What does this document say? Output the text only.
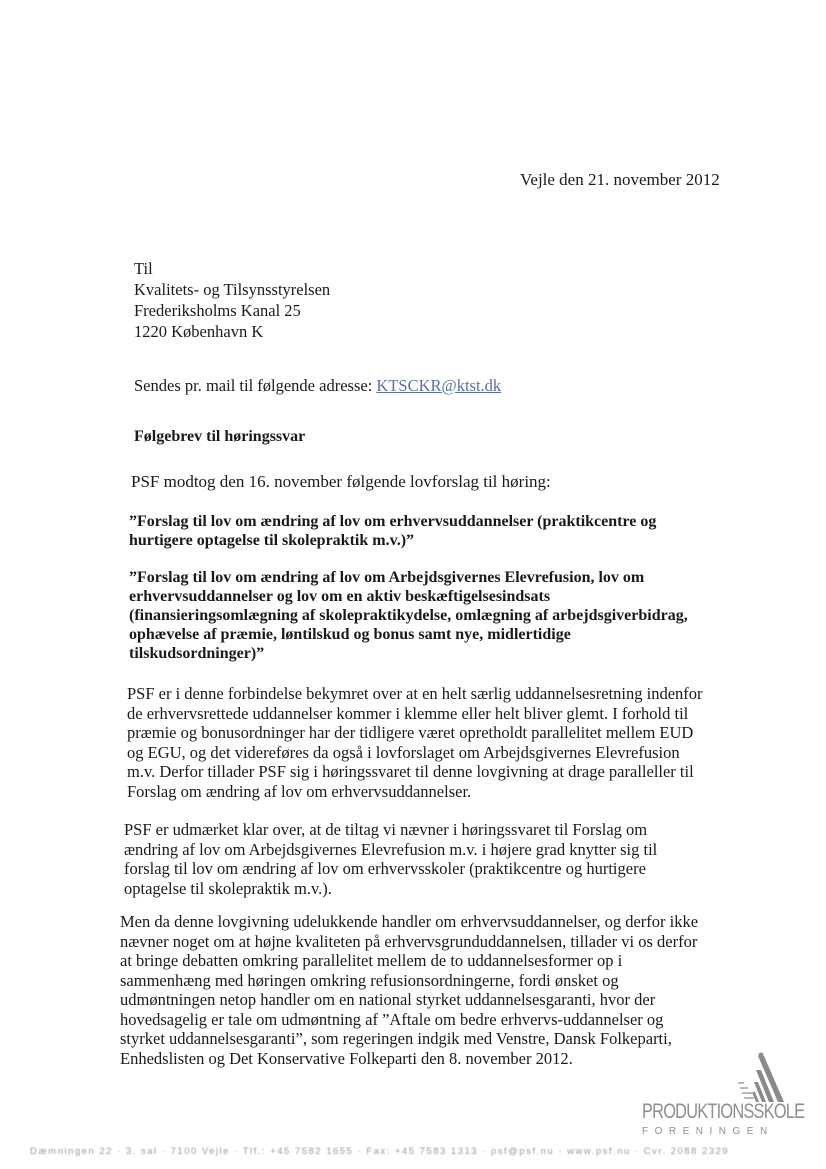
Vejle den 21. november 2012
Til
Kvalitets- og Tilsynsstyrelsen
Frederiksholms Kanal 25
1220 København K
Sendes pr. mail til følgende adresse: KTSCKR@ktst.dk
Følgebrev til høringssvar
PSF modtog den 16. november følgende lovforslag til høring:
”Forslag til lov om ændring af lov om erhvervsuddannelser (praktikcentre og hurtigere optagelse til skolepraktik m.v.)”
”Forslag til lov om ændring af lov om Arbejdsgivernes Elevrefusion, lov om erhvervsuddannelser og lov om en aktiv beskæftigelsesindsats (finansieringsomlægning af skolepraktikydelse, omlægning af arbejdsgiverbidrag, ophævelse af præmie, løntilskud og bonus samt nye, midlertidige tilskudsordninger)”
PSF er i denne forbindelse bekymret over at en helt særlig uddannelsesretning indenfor de erhvervsrettede uddannelser kommer i klemme eller helt bliver glemt. I forhold til præmie og bonusordninger har der tidligere været opretholdt parallelitet mellem EUD og EGU, og det videreføres da også i lovforslaget om Arbejdsgivernes Elevrefusion m.v. Derfor tillader PSF sig i høringssvaret til denne lovgivning at drage paralleller til Forslag om ændring af lov om erhvervsuddannelser.
PSF er udmærket klar over, at de tiltag vi nævner i høringssvaret til Forslag om ændring af lov om Arbejdsgivernes Elevrefusion m.v. i højere grad knytter sig til forslag til lov om ændring af lov om erhvervsskoler (praktikcentre og hurtigere optagelse til skolepraktik m.v.).
Men da denne lovgivning udelukkende handler om erhvervsuddannelser, og derfor ikke nævner noget om at højne kvaliteten på erhvervsgrunduddannelsen, tillader vi os derfor at bringe debatten omkring parallelitet mellem de to uddannelsesformer op i sammenhæng med høringen omkring refusionsordningerne, fordi ønsket og udmøntningen netop handler om en national styrket uddannelsesgaranti, hvor der hovedsagelig er tale om udmøntning af ”Aftale om bedre erhvervs-uddannelser og styrket uddannelsesgaranti”, som regeringen indgik med Venstre, Dansk Folkeparti, Enhedslisten og Det Konservative Folkeparti den 8. november 2012.
PRODUKTIONSSKOLE
FORENINGEN
Dæmningen 22 · 3. sal · 7100 Vejle · Tlf.: +45 7582 1655 · Fax: +45 7583 1313 · psf@psf.nu · www.psf.nu · Cvr. 2088 2329
